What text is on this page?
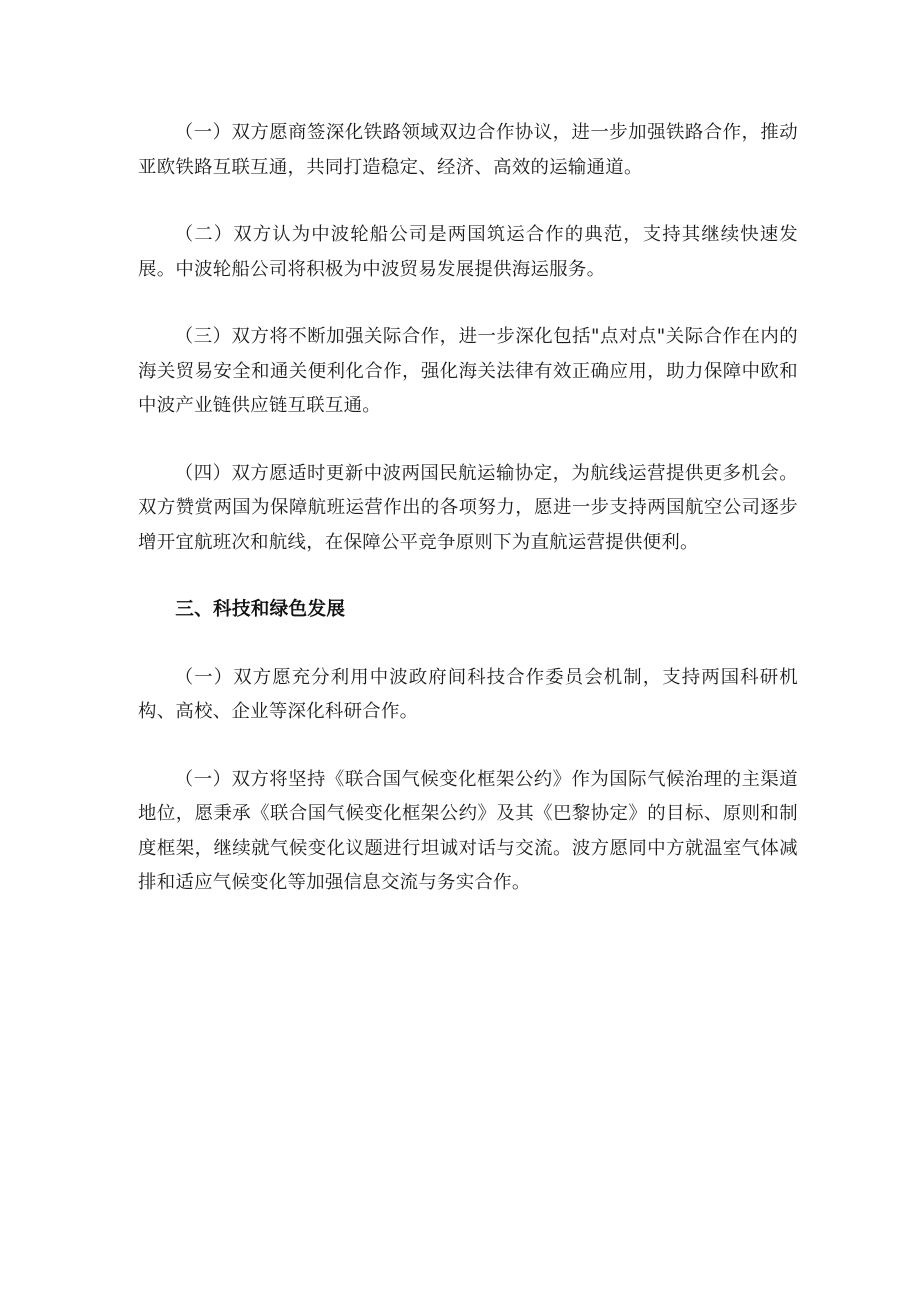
（一）双方愿商签深化铁路领域双边合作协议，进一步加强铁路合作，推动亚欧铁路互联互通，共同打造稳定、经济、高效的运输通道。

（二）双方认为中波轮船公司是两国筑运合作的典范，支持其继续快速发展。中波轮船公司将积极为中波贸易发展提供海运服务。

（三）双方将不断加强关际合作，进一步深化包括"点对点"关际合作在内的海关贸易安全和通关便利化合作，强化海关法律有效正确应用，助力保障中欧和中波产业链供应链互联互通。

（四）双方愿适时更新中波两国民航运输协定，为航线运营提供更多机会。双方赞赏两国为保障航班运营作出的各项努力，愿进一步支持两国航空公司逐步增开宜航班次和航线，在保障公平竞争原则下为直航运营提供便利。

三、科技和绿色发展

（一）双方愿充分利用中波政府间科技合作委员会机制，支持两国科研机构、高校、企业等深化科研合作。

（一）双方将坚持《联合国气候变化框架公约》作为国际气候治理的主渠道地位，愿秉承《联合国气候变化框架公约》及其《巴黎协定》的目标、原则和制度框架，继续就气候变化议题进行坦诚对话与交流。波方愿同中方就温室气体减排和适应气候变化等加强信息交流与务实合作。
